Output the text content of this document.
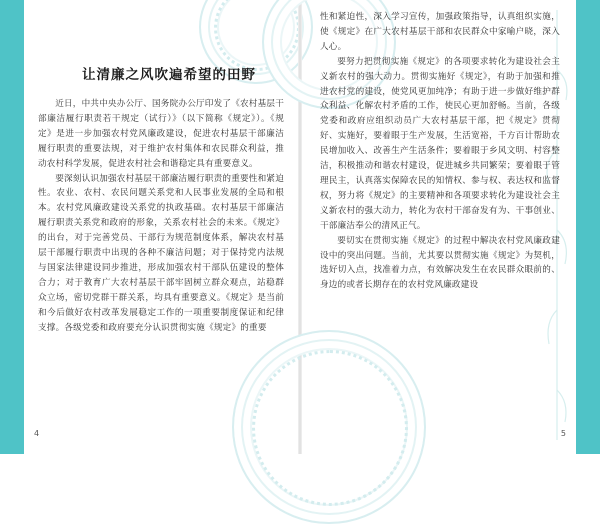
让清廉之风吹遍希望的田野

近日，中共中央办公厅、国务院办公厅印发了《农村基层干部廉洁履行职责若干规定（试行）》（以下简称《规定》）。《规定》是进一步加强农村党风廉政建设，促进农村基层干部廉洁履行职责的重要法规，对于维护农村集体和农民群众利益，推动农村科学发展，促进农村社会和谐稳定具有重要意义。

要深刻认识加强农村基层干部廉洁履行职责的重要性和紧迫性。农业、农村、农民问题关系党和人民事业发展的全局和根本。农村党风廉政建设关系党的执政基础。农村基层干部廉洁履行职责关系党和政府的形象，关系农村社会的未来。《规定》的出台，对于完善党员、干部行为规范制度体系，解决农村基层干部履行职责中出现的各种不廉洁问题；对于保持党内法规与国家法律建设同步推进，形成加强农村干部队伍建设的整体合力；对于教育广大农村基层干部牢固树立群众观点，站稳群众立场，密切党群干群关系，均具有重要意义。《规定》是当前和今后做好农村改革发展稳定工作的一项重要制度保证和纪律支撑。各级党委和政府要充分认识贯彻实施《规定》的重要

4

性和紧迫性，深入学习宣传，加强政策指导，认真组织实施，使《规定》在广大农村基层干部和农民群众中家喻户晓，深入人心。

要努力把贯彻实施《规定》的各项要求转化为建设社会主义新农村的强大动力。贯彻实施好《规定》，有助于加强和推进农村党的建设，使党风更加纯净；有助于进一步做好维护群众利益、化解农村矛盾的工作，使民心更加舒畅。当前，各级党委和政府应组织动员广大农村基层干部，把《规定》贯彻好、实施好，要着眼于生产发展，生活宽裕，千方百计帮助农民增加收入、改善生产生活条件；要着眼于乡风文明、村容整洁，积极推动和谐农村建设，促进城乡共同繁荣；要着眼于管理民主，认真落实保障农民的知情权、参与权、表达权和监督权，努力将《规定》的主要精神和各项要求转化为建设社会主义新农村的强大动力，转化为农村干部奋发有为、干事创业、干部廉洁奉公的清风正气。

要切实在贯彻实施《规定》的过程中解决农村党风廉政建设中的突出问题。当前，尤其要以贯彻实施《规定》为契机，选好切入点，找准着力点，有效解决发生在农民群众眼前的、身边的或者长期存在的农村党风廉政建设

5
